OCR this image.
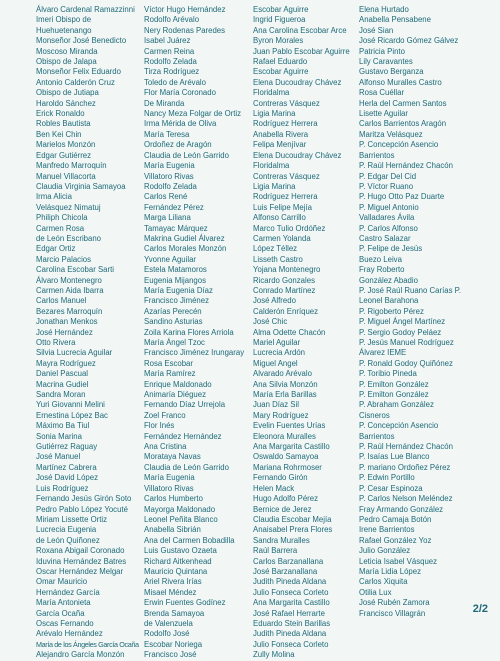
Álvaro Cardenal Ramazzinni
Imeri Obispo de
Huehuetenango
Monseñor José Benedicto
Moscoso Miranda
Obispo de Jalapa
Monseñor Felix Eduardo
Antonio Calderón Cruz
Obispo de Jutiapa
Haroldo Sánchez
Erick Ronaldo
Robles Bautista
Ben Kei Chin
Marielos Monzón
Edgar Gutiérrez
Manfredo Marroquín
Manuel Villacorta
Claudia Virginia Samayoa
Irma Alicia
Velásquez Nimatuj
Philiph Chicola
Carmen Rosa
de León Escribano
Edgar Ortiz
Marcio Palacios
Carolina Escobar Sarti
Álvaro Montenegro
Carmen Aida Ibarra
Carlos Manuel
Bezares Marroquín
Jonathan Menkos
José Hernández
Otto Rivera
Silvia Lucrecia Aguilar
Mayra Rodríguez
Daniel Pascual
Macrina Gudiel
Sandra Moran
Yuri Giovanni Melini
Ernestina López Bac
Máximo Ba Tiul
Sonia Marina
Gutiérrez Raguay
José Manuel
Martínez Cabrera
José David López
Luis Rodríguez
Fernando Jesús Girón Soto
Pedro Pablo López Yocuté
Miriam Lissette Ortiz
Lucrecia Eugenia
de León Quiñonez
Roxana Abigail Coronado
Iduvina Hernández Batres
Oscar Hernández Melgar
Omar Mauricio
Hernández García
María Antonieta
García Ocaña
Oscas Fernando
Arévalo Hernández
María de los Ángeles García Ocaña
Alejandro García Monzón
Víctor Hugo Hernández
Rodolfo Arévalo
Nery Rodenas Paredes
Isabel Juárez
Carmen Reina
Rodolfo Zelada
Tirza Rodríguez
Toledo de Arévalo
Flor María Coronado
De Miranda
Nancy Meza Folgar de Ortiz
Irma Mérida de Oliva
María Teresa
Ordoñez de Aragón
Claudia de León Garrido
María Eugenia
Villatoro Rivas
Rodolfo Zelada
Carlos René
Fernández Pérez
Marga Liliana
Tamayac Márquez
Makrina Gudiel Álvarez
Carlos Morales Monzón
Yvonne Aguilar
Estela Matamoros
Eugenia Mijangos
María Eugenia Díaz
Francisco Jiménez
Azarías Perecén
Sandino Asturias
Zoila Karina Flores Arriola
María Ángel Tzoc
Francisco Jiménez Irungaray
Rosa Escobar
María Ramírez
Enrique Maldonado
Animaría Diéguez
Fernando Díaz Urrejola
Zoel Franco
Flor Inés
Fernández Hernández
Ana Cristina
Morataya Navas
Claudia de León Garrido
María Eugenia
Villatoro Rivas
Carlos Humberto
Mayorga Maldonado
Leonel Peñita Blanco
Anabella Sibrián
Ana del Carmen Bobadilla
Luis Gustavo Ozaeta
Richard Aitkenhead
Mauricio Quintana
Ariel Rivera Irías
Misael Méndez
Erwin Fuentes Godínez
Brenda Samayoa
de Valenzuela
Rodolfo José
Escobar Noriega
Francisco José
Escobar Aguirre
Ingrid Figueroa
Ana Carolina Escobar Arce
Byron Morales
Juan Pablo Escobar Aguirre
Rafael Eduardo
Escobar Aguirre
Elena Ducoudray Chávez
Floridalma
Contreras Vásquez
Ligia Marina
Rodríguez Herrera
Anabella Rivera
Felipa Menjívar
Elena Ducoudray Chávez
Floridalma
Contreras Vásquez
Ligia Marina
Rodríguez Herrera
Luis Felipe Mejía
Alfonso Carrillo
Marco Tulio Ordóñez
Carmen Yolanda
López Téllez
Lisseth Castro
Yojana Montenegro
Ricardo Gonzales
Conrado Martínez
José Alfredo
Calderón Enríquez
José Chic
Alma Odette Chacón
Mariel Aguilar
Lucrecia Ardón
Miguel Angel
Alvarado Arévalo
Ana Silvia Monzón
María Erla Barillas
Juan Díaz Sil
Mary Rodríguez
Evelin Fuentes Urías
Eleonora Muralles
Ana Margarita Castillo
Oswaldo Samayoa
Mariana Rohrmoser
Fernando Girón
Helen Mack
Hugo Adolfo Pérez
Bernice de Jerez
Claudia Escobar Mejía
Anaisabel Prera Flores
Sandra Muralles
Raúl Barrera
Carlos Barzanallana
José Barzanallana
Judith Pineda Aldana
Julio Fonseca Corleto
Ana Margarita Castillo
José Rafael Herrarte
Eduardo Stein Barillas
Judith Pineda Aldana
Julio Fonseca Corleto
Zully Molina
Elena Hurtado
Anabella Pensabene
José Sian
José Ricardo Gómez Gálvez
Patricia Pinto
Lily Caravantes
Gustavo Berganza
Alfonso Muralles Castro
Rosa Cuéllar
Herla del Carmen Santos
Lisette Aguilar
Carlos Barrientos Aragón
Maritza Velásquez
P. Concepción Asencio
Barrientos
P. Raúl Hernández Chacón
P. Edgar Del Cid
P. Víctor Ruano
P. Hugo Otto Paz Duarte
P. Miguel Antonio
Valladares Ávila
P. Carlos Alfonso
Castro Salazar
P. Felipe de Jesús
Buezo Leiva
Fray Roberto
González Abadio
P. José Raúl Ruano Carías P.
Leonel Barahona
P. Rigoberto Pérez
P. Miguel Ángel Martínez
P. Sergio Godoy Peláez
P. Jesús Manuel Rodríguez
Álvarez IEME
P. Ronald Godoy Quiñónez
P. Toribio Pineda
P. Emilton González
P. Emilton González
P. Abraham González
Cisneros
P. Concepción Asencio
Barrientos
P. Raúl Hernández Chacón
P. Isaías Lue Blanco
P. mariano Ordoñez Pérez
P. Edwin Portillo
P. Cesar Espinoza
P. Carlos Nelson Meléndez
Fray Armando González
Pedro Camaja Botón
Irene Barrientos
Rafael González Yoz
Julio González
Leticia Isabel Vásquez
María Lidia López
Carlos Xiquita
Otilia Lux
José Rubén Zamora
Francisco Villagrán	2/2
